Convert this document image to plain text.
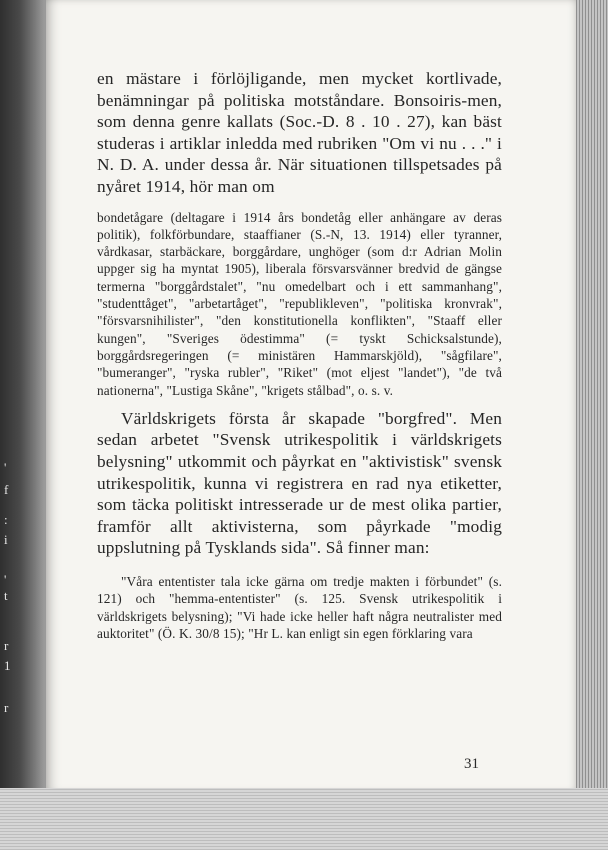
'
f
:
i
'
t
r
1
r

en mästare i förlöjligande, men mycket kortlivade, benämningar på politiska motståndare. Bonsoiris-men, som denna genre kallats (Soc.-D. 8 . 10 . 27), kan bäst studeras i artiklar inledda med rubriken "Om vi nu . . ." i N. D. A. under dessa år. När situationen tillspetsades på nyåret 1914, hör man om

bondetågare (deltagare i 1914 års bondetåg eller anhängare av deras politik), folkförbundare, staaffianer (S.-N, 13. 1914) eller tyranner, vårdkasar, starbäckare, borggårdare, unghöger (som d:r Adrian Molin uppger sig ha myntat 1905), liberala försvarsvänner bredvid de gängse termerna "borggårdstalet", "nu omedelbart och i ett sammanhang", "studenttåget", "arbetartåget", "republikleven", "politiska kronvrak", "försvarsnihilister", "den konstitutionella konflikten", "Staaff eller kungen", "Sveriges ödestimma" (= tyskt Schicksalstunde), borggårdsregeringen (= ministären Hammarskjöld), "sågfilare", "bumeranger", "ryska rubler", "Riket" (mot eljest "landet"), "de två nationerna", "Lustiga Skåne", "krigets stålbad", o. s. v.

Världskrigets första år skapade "borgfred". Men sedan arbetet "Svensk utrikespolitik i världskrigets belysning" utkommit och påyrkat en "aktivistisk" svensk utrikespolitik, kunna vi registrera en rad nya etiketter, som täcka politiskt intresserade ur de mest olika partier, framför allt aktivisterna, som påyrkade "modig uppslutning på Tysklands sida". Så finner man:

"Våra ententister tala icke gärna om tredje makten i förbundet" (s. 121) och "hemma-ententister" (s. 125. Svensk utrikespolitik i världskrigets belysning); "Vi hade icke heller haft några neutralister med auktoritet" (Ö. K. 30/8 15); "Hr L. kan enligt sin egen förklaring vara

31
